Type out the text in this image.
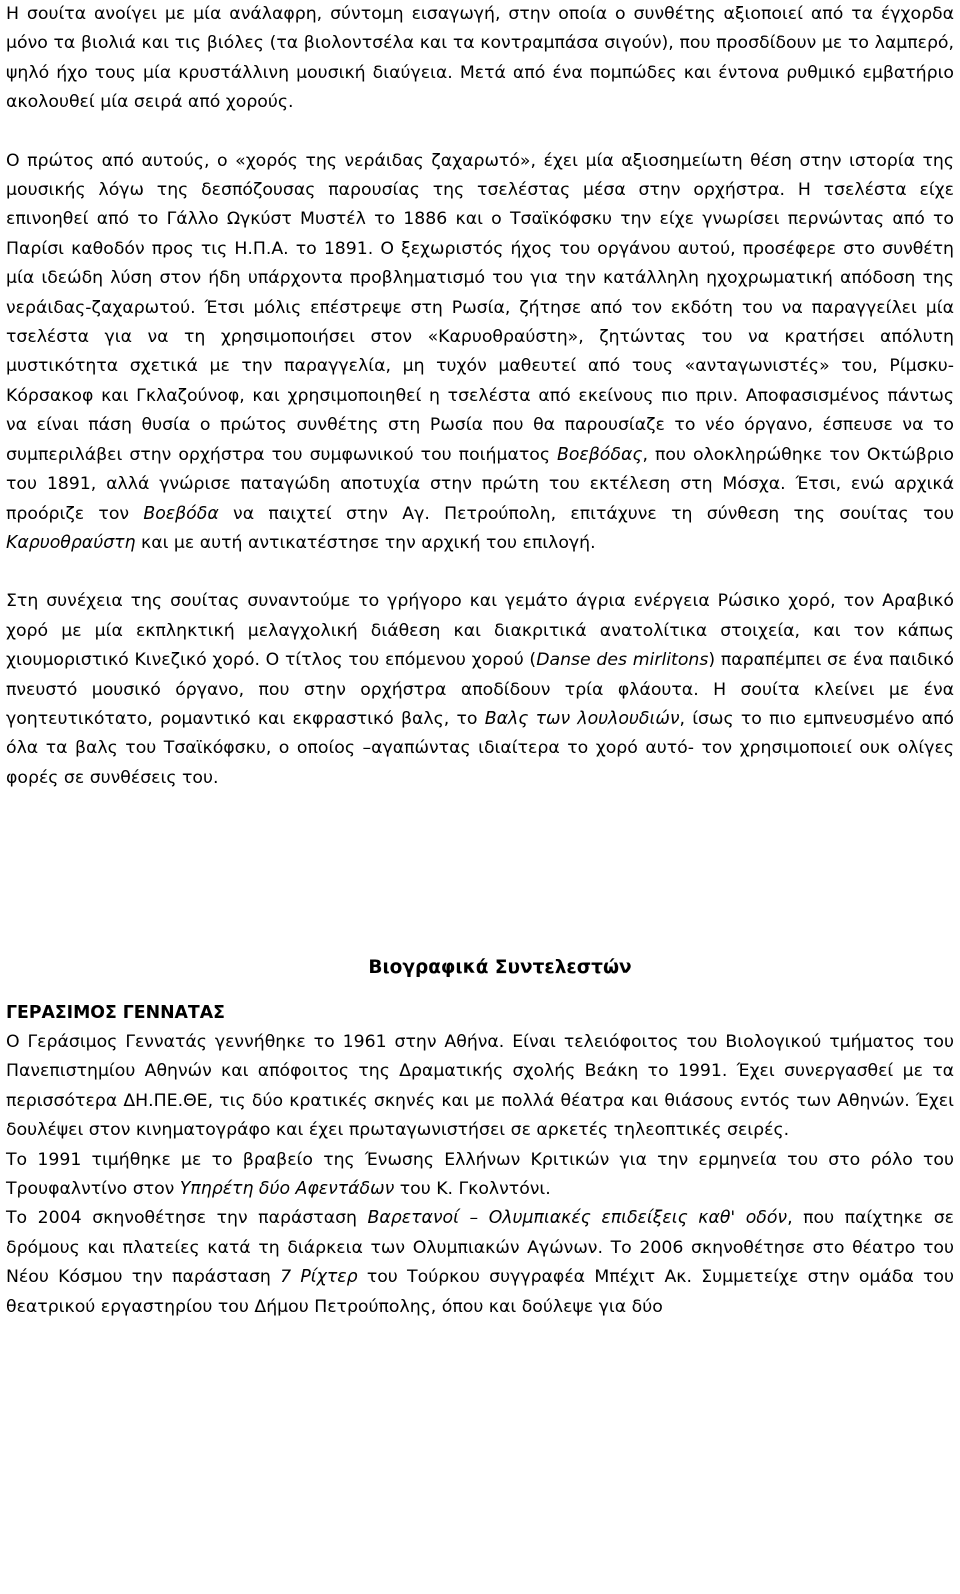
Η σουίτα ανοίγει με μία ανάλαφρη, σύντομη εισαγωγή, στην οποία ο συνθέτης αξιοποιεί από τα έγχορδα μόνο τα βιολιά και τις βιόλες (τα βιολοντσέλα και τα κοντραμπάσα σιγούν), που προσδίδουν με το λαμπερό, ψηλό ήχο τους μία κρυστάλλινη μουσική διαύγεια. Μετά από ένα πομπώδες και έντονα ρυθμικό εμβατήριο ακολουθεί μία σειρά από χορούς.

Ο πρώτος από αυτούς, ο «χορός της νεράιδας ζαχαρωτό», έχει μία αξιοσημείωτη θέση στην ιστορία της μουσικής λόγω της δεσπόζουσας παρουσίας της τσελέστας μέσα στην ορχήστρα. Η τσελέστα είχε επινοηθεί από το Γάλλο Ωγκύστ Μυστέλ το 1886 και ο Τσαϊκόφσκυ την είχε γνωρίσει περνώντας από το Παρίσι καθοδόν προς τις Η.Π.Α. το 1891. Ο ξεχωριστός ήχος του οργάνου αυτού, προσέφερε στο συνθέτη μία ιδεώδη λύση στον ήδη υπάρχοντα προβληματισμό του για την κατάλληλη ηχοχρωματική απόδοση της νεράιδας-ζαχαρωτού. Έτσι μόλις επέστρεψε στη Ρωσία, ζήτησε από τον εκδότη του να παραγγείλει μία τσελέστα για να τη χρησιμοποιήσει στον «Καρυοθραύστη», ζητώντας του να κρατήσει απόλυτη μυστικότητα σχετικά με την παραγγελία, μη τυχόν μαθευτεί από τους «ανταγωνιστές» του, Ρίμσκυ-Κόρσακοφ και Γκλαζούνοφ, και χρησιμοποιηθεί η τσελέστα από εκείνους πιο πριν. Αποφασισμένος πάντως να είναι πάση θυσία ο πρώτος συνθέτης στη Ρωσία που θα παρουσίαζε το νέο όργανο, έσπευσε να το συμπεριλάβει στην ορχήστρα του συμφωνικού του ποιήματος Βοεβόδας, που ολοκληρώθηκε τον Οκτώβριο του 1891, αλλά γνώρισε παταγώδη αποτυχία στην πρώτη του εκτέλεση στη Μόσχα. Έτσι, ενώ αρχικά προόριζε τον Βοεβόδα να παιχτεί στην Αγ. Πετρούπολη, επιτάχυνε τη σύνθεση της σουίτας του Καρυοθραύστη και με αυτή αντικατέστησε την αρχική του επιλογή.

Στη συνέχεια της σουίτας συναντούμε το γρήγορο και γεμάτο άγρια ενέργεια Ρώσικο χορό, τον Αραβικό χορό με μία εκπληκτική μελαγχολική διάθεση και διακριτικά ανατολίτικα στοιχεία, και τον κάπως χιουμοριστικό Κινεζικό χορό. Ο τίτλος του επόμενου χορού (Danse des mirlitons) παραπέμπει σε ένα παιδικό πνευστό μουσικό όργανο, που στην ορχήστρα αποδίδουν τρία φλάουτα. Η σουίτα κλείνει με ένα γοητευτικότατο, ρομαντικό και εκφραστικό βαλς, το Βαλς των λουλουδιών, ίσως το πιο εμπνευσμένο από όλα τα βαλς του Τσαϊκόφσκυ, ο οποίος –αγαπώντας ιδιαίτερα το χορό αυτό- τον χρησιμοποιεί ουκ ολίγες φορές σε συνθέσεις του.

Βιογραφικά Συντελεστών

ΓΕΡΑΣΙΜΟΣ ΓΕΝΝΑΤΑΣ

Ο Γεράσιμος Γεννατάς γεννήθηκε το 1961 στην Αθήνα. Είναι τελειόφοιτος του Βιολογικού τμήματος του Πανεπιστημίου Αθηνών και απόφοιτος της Δραματικής σχολής Βεάκη το 1991. Έχει συνεργασθεί με τα περισσότερα ΔΗ.ΠΕ.ΘΕ, τις δύο κρατικές σκηνές και με πολλά θέατρα και θιάσους εντός των Αθηνών. Έχει δουλέψει στον κινηματογράφο και έχει πρωταγωνιστήσει σε αρκετές τηλεοπτικές σειρές.

Το 1991 τιμήθηκε με το βραβείο της Ένωσης Ελλήνων Κριτικών για την ερμηνεία του στο ρόλο του Τρουφαλντίνο στον Υπηρέτη δύο Αφεντάδων του Κ. Γκολντόνι.

Το 2004 σκηνοθέτησε την παράσταση Βαρετανοί – Ολυμπιακές επιδείξεις καθ' οδόν, που παίχτηκε σε δρόμους και πλατείες κατά τη διάρκεια των Ολυμπιακών Αγώνων. Το 2006 σκηνοθέτησε στο θέατρο του Νέου Κόσμου την παράσταση 7 Ρίχτερ του Τούρκου συγγραφέα Μπέχιτ Ακ. Συμμετείχε στην ομάδα του θεατρικού εργαστηρίου του Δήμου Πετρούπολης, όπου και δούλεψε για δύο
